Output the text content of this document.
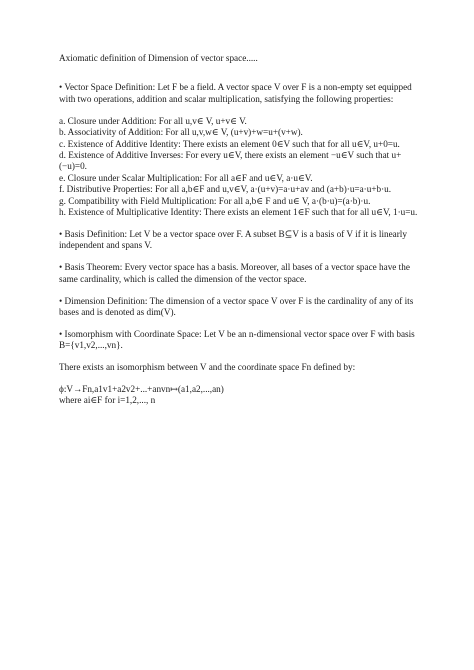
Axiomatic definition of Dimension of vector space.....

• Vector Space Definition: Let F be a field. A vector space V over F is a non-empty set equipped with two operations, addition and scalar multiplication, satisfying the following properties:

a. Closure under Addition: For all u,v∈ V, u+v∈ V.

b. Associativity of Addition: For all u,v,w∈ V, (u+v)+w=u+(v+w).

c. Existence of Additive Identity: There exists an element 0∈V such that for all u∈V, u+0=u.

d. Existence of Additive Inverses: For every u∈V, there exists an element −u∈V such that u+(−u)=0.

e. Closure under Scalar Multiplication: For all a∈F and u∈V, a·u∈V.

f. Distributive Properties: For all a,b∈F and u,v∈V, a·(u+v)=a·u+av and (a+b)·u=a·u+b·u.

g. Compatibility with Field Multiplication: For all a,b∈ F and u∈ V, a·(b·u)=(a·b)·u.

h. Existence of Multiplicative Identity: There exists an element 1∈F such that for all u∈V, 1·u=u.

• Basis Definition: Let V be a vector space over F. A subset B⊆V is a basis of V if it is linearly independent and spans V.

• Basis Theorem: Every vector space has a basis. Moreover, all bases of a vector space have the same cardinality, which is called the dimension of the vector space.

• Dimension Definition: The dimension of a vector space V over F is the cardinality of any of its bases and is denoted as dim(V).

• Isomorphism with Coordinate Space: Let V be an n-dimensional vector space over F with basis B={v1,v2,...,vn}.

There exists an isomorphism between V and the coordinate space Fn defined by:

ϕ:V→Fn,a1v1+a2v2+...+anvn↦(a1,a2,...,an)

where ai∈F for i=1,2,..., n
